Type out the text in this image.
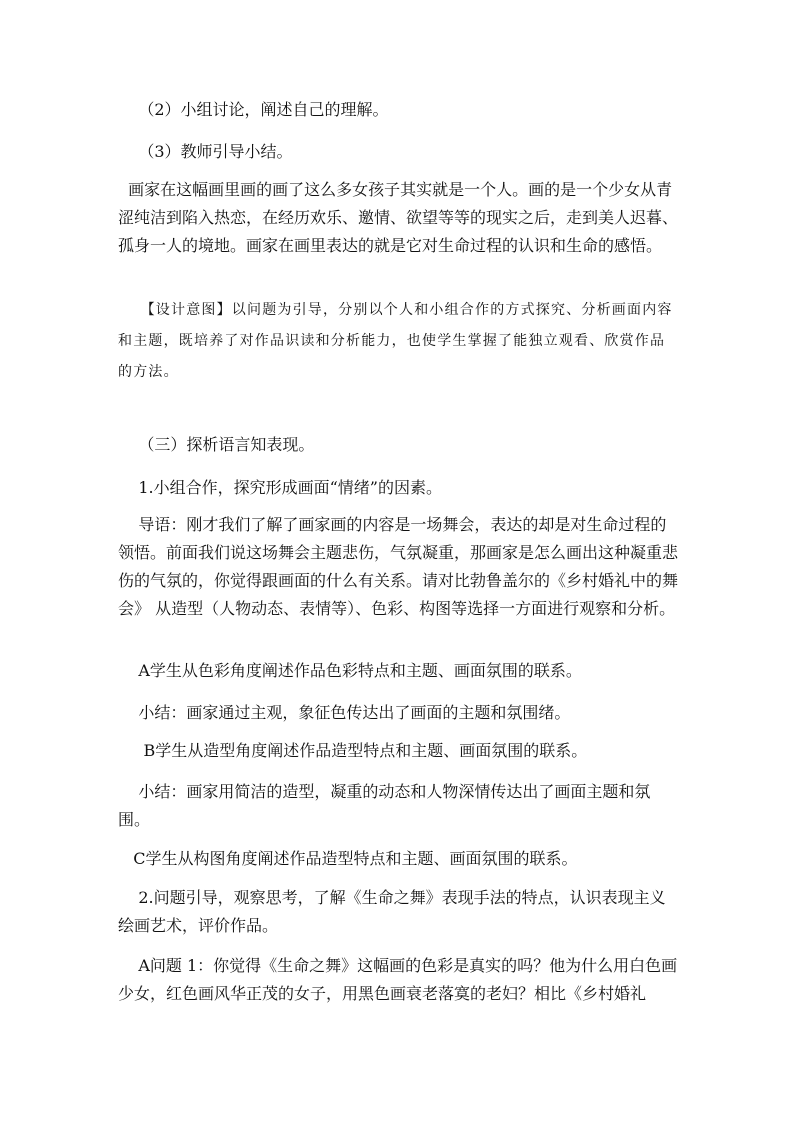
（2）小组讨论，阐述自己的理解。

（3）教师引导小结。

画家在这幅画里画的画了这么多女孩子其实就是一个人。画的是一个少女从青涩纯洁到陷入热恋，在经历欢乐、邀情、欲望等等的现实之后，走到美人迟暮、孤身一人的境地。画家在画里表达的就是它对生命过程的认识和生命的感悟。

【设计意图】以问题为引导，分别以个人和小组合作的方式探究、分析画面内容和主题，既培养了对作品识读和分析能力，也使学生掌握了能独立观看、欣赏作品的方法。

（三）探析语言知表现。

1.小组合作，探究形成画面“情绪”的因素。

导语：刚才我们了解了画家画的内容是一场舞会，表达的却是对生命过程的领悟。前面我们说这场舞会主题悲伤，气氛凝重，那画家是怎么画出这种凝重悲伤的气氛的，你觉得跟画面的什么有关系。请对比勃鲁盖尔的《乡村婚礼中的舞会》 从造型（人物动态、表情等）、色彩、构图等选择一方面进行观察和分析。

A学生从色彩角度阐述作品色彩特点和主题、画面氛围的联系。

小结：画家通过主观，象征色传达出了画面的主题和氛围绪。

B学生从造型角度阐述作品造型特点和主题、画面氛围的联系。

小结：画家用简洁的造型，凝重的动态和人物深情传达出了画面主题和氛围。

C学生从构图角度阐述作品造型特点和主题、画面氛围的联系。

2.问题引导，观察思考，了解《生命之舞》表现手法的特点，认识表现主义绘画艺术，评价作品。

A问题 1：你觉得《生命之舞》这幅画的色彩是真实的吗？他为什么用白色画少女，红色画风华正茂的女子，用黑色画衰老落寞的老妇？相比《乡村婚礼
